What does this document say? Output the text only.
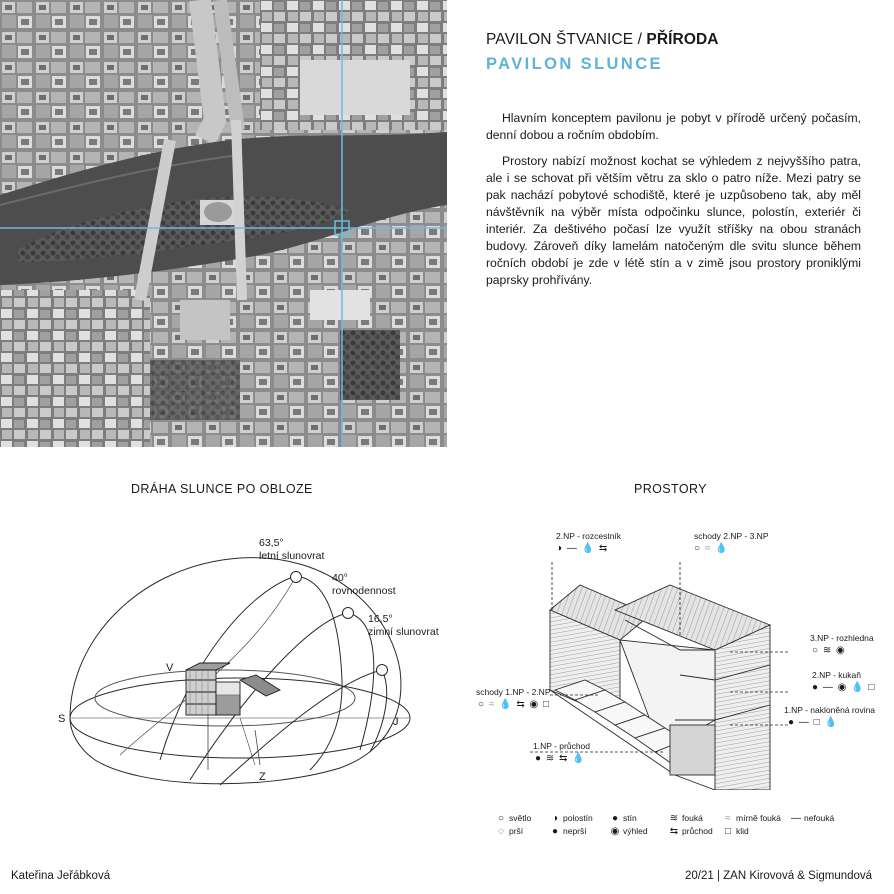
PAVILON ŠTVANICE / PŘÍRODA
PAVILON SLUNCE

Hlavním konceptem pavilonu je pobyt v přírodě určený počasím, denní dobou a ročním obdobím.

Prostory nabízí možnost kochat se výhledem z nejvyššího patra, ale i se schovat při větším větru za sklo o patro níže. Mezi patry se pak nachází pobytové schodiště, které je uzpůsobeno tak, aby měl návštěvník na výběr místa odpočinku slunce, polostín, exteriér či interiér. Za deštivého počasí lze využít stříšky na obou stranách budovy. Zároveň díky lamelám natočeným dle svitu slunce během ročních období je zde v létě stín a v zimě jsou prostory proniklými paprsky prohřívány.

DRÁHA SLUNCE PO OBLOZE
63,5°
letní slunovrat
40°
rovnodennost
16,5°
zimní slunovrat
S	J
V
Z
PROSTORY
2.NP - rozcestník
◑ — 💧 ⇆
schody 2.NP - 3.NP
○ ≈ 💧
3.NP - rozhledna
○ ≋ ◉
2.NP - kukaň
● — ◉ 💧 □
1.NP - nakloněná rovina
● — □ 💧
schody 1.NP - 2.NP
○ ≈ 💧 ⇆ ◉ □
1.NP - průchod
● ≋ ⇆ 💧
○ světlo
◌ prší
◑ polostín
● neprší
● stín
◉ výhled
≋ fouká
⇆ průchod
≈ mírně fouká
□ klid
— nefouká
Kateřina Jeřábková	20/21 | ZAN Kirovová & Sigmundová
